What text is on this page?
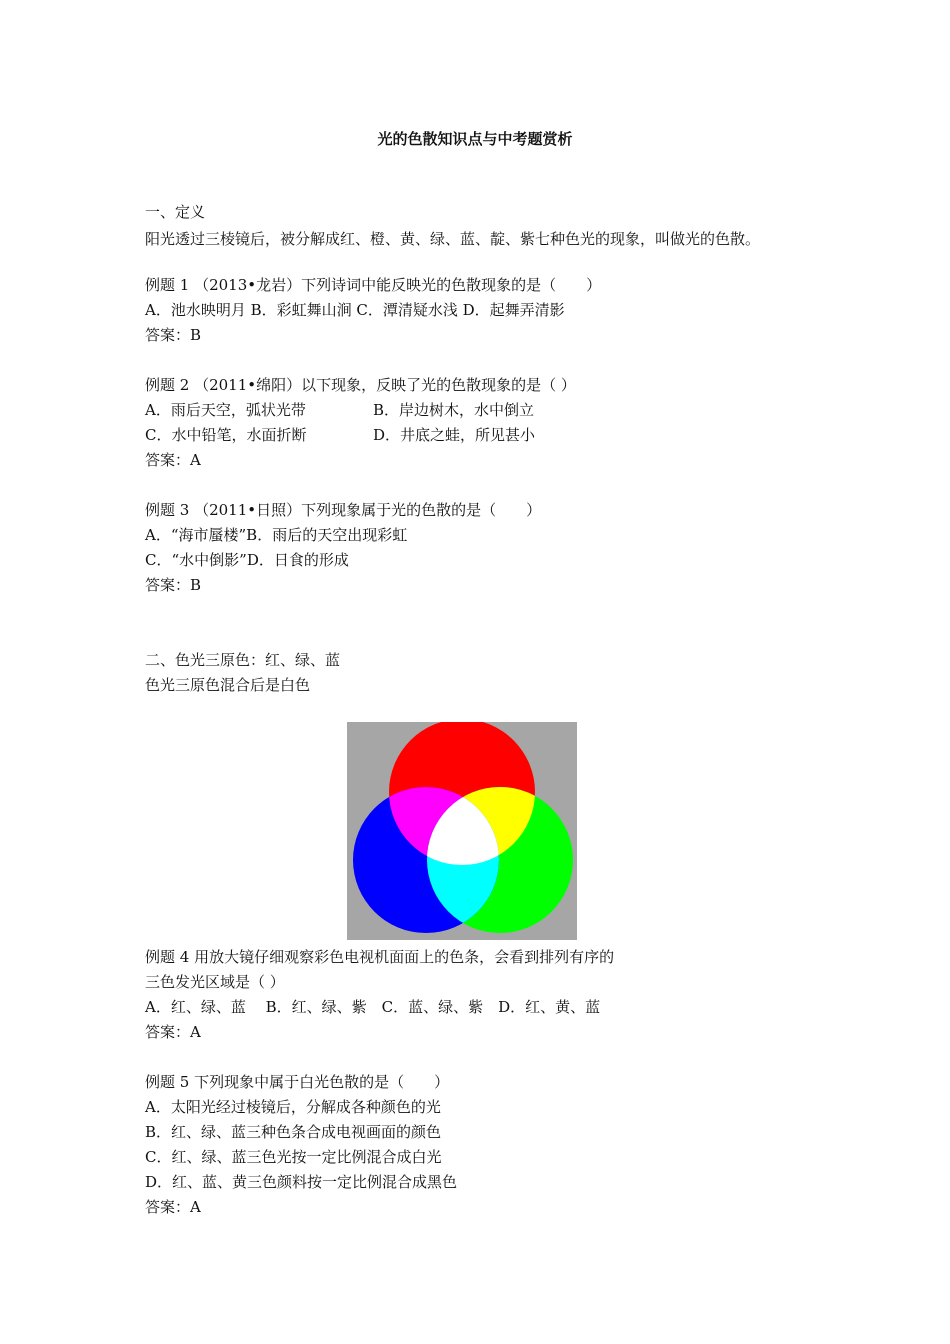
光的色散知识点与中考题赏析
一、定义
阳光透过三棱镜后，被分解成红、橙、黄、绿、蓝、靛、紫七种色光的现象，叫做光的色散。
例题 1 （2013•龙岩）下列诗词中能反映光的色散现象的是（　　）
A．池水映明月 B．彩虹舞山涧 C．潭清疑水浅 D．起舞弄清影
答案：B
例题 2 （2011•绵阳）以下现象，反映了光的色散现象的是（ ）
A．雨后天空，弧状光带	B．岸边树木，水中倒立
C．水中铅笔，水面折断	D．井底之蛙，所见甚小
答案：A
例题 3 （2011•日照）下列现象属于光的色散的是（　　）
A．“海市蜃楼”B．雨后的天空出现彩虹
C．“水中倒影”D．日食的形成
答案：B
二、色光三原色：红、绿、蓝
色光三原色混合后是白色
例题 4 用放大镜仔细观察彩色电视机面面上的色条，会看到排列有序的
三色发光区域是（ ）
A．红、绿、蓝　 B．红、绿、紫　C．蓝、绿、紫　D．红、黄、蓝
答案：A
例题 5 下列现象中属于白光色散的是（　　）
A．太阳光经过棱镜后，分解成各种颜色的光
B．红、绿、蓝三种色条合成电视画面的颜色
C．红、绿、蓝三色光按一定比例混合成白光
D．红、蓝、黄三色颜料按一定比例混合成黑色
答案：A
